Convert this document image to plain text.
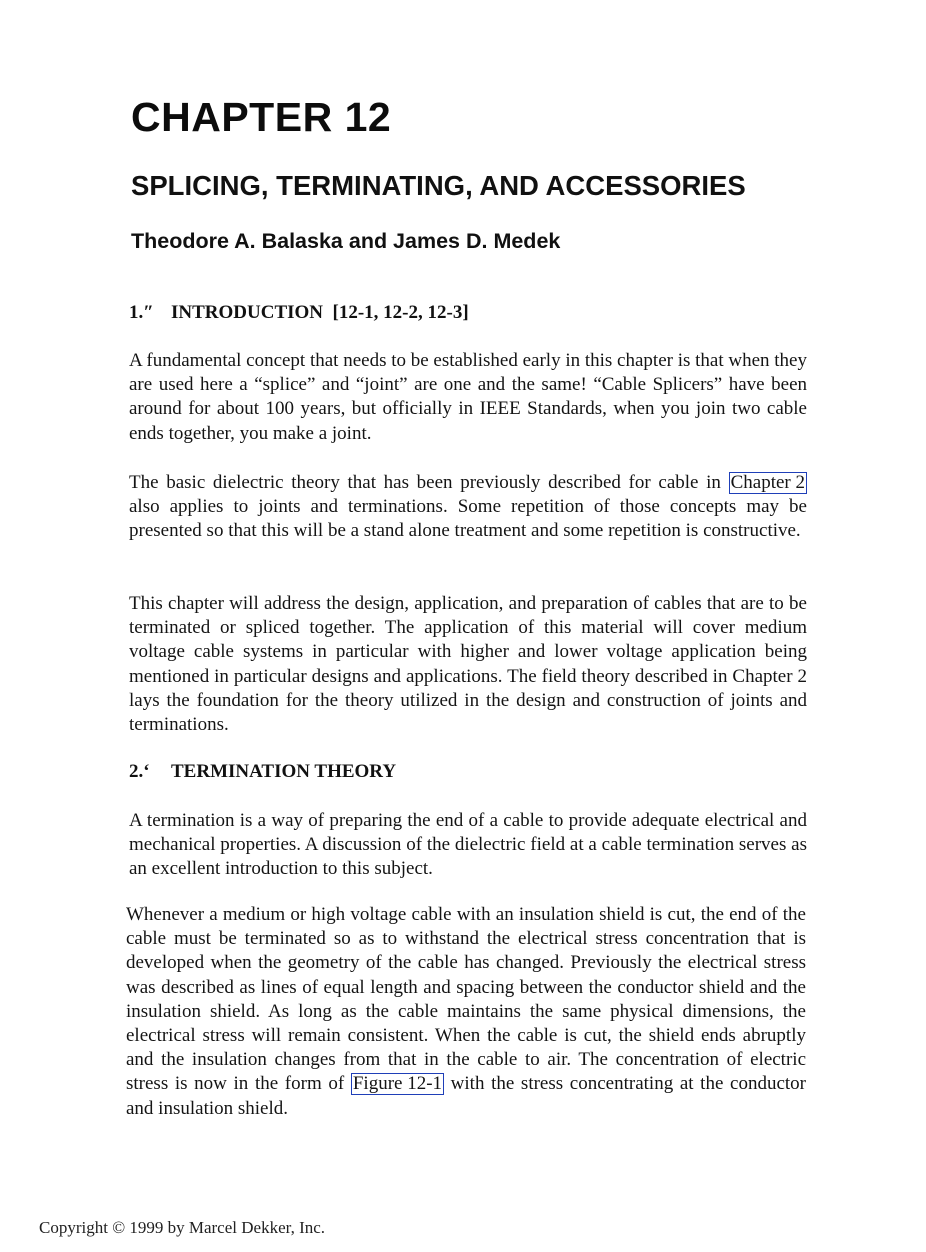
CHAPTER 12
SPLICING, TERMINATING, AND ACCESSORIES
Theodore A. Balaska and James D. Medek
1.″ INTRODUCTION [12-1, 12-2, 12-3]

A fundamental concept that needs to be established early in this chapter is that when they are used here a “splice” and “joint” are one and the same! “Cable Splicers” have been around for about 100 years, but officially in IEEE Standards, when you join two cable ends together, you make a joint.

The basic dielectric theory that has been previously described for cable in Chapter 2 also applies to joints and terminations. Some repetition of those concepts may be presented so that this will be a stand alone treatment and some repetition is constructive.

This chapter will address the design, application, and preparation of cables that are to be terminated or spliced together. The application of this material will cover medium voltage cable systems in particular with higher and lower voltage application being mentioned in particular designs and applications. The field theory described in Chapter 2 lays the foundation for the theory utilized in the design and construction of joints and terminations.

2.ʻ TERMINATION THEORY

A termination is a way of preparing the end of a cable to provide adequate electrical and mechanical properties. A discussion of the dielectric field at a cable termination serves as an excellent introduction to this subject.

Whenever a medium or high voltage cable with an insulation shield is cut, the end of the cable must be terminated so as to withstand the electrical stress concentration that is developed when the geometry of the cable has changed. Previously the electrical stress was described as lines of equal length and spacing between the conductor shield and the insulation shield. As long as the cable maintains the same physical dimensions, the electrical stress will remain consistent. When the cable is cut, the shield ends abruptly and the insulation changes from that in the cable to air. The concentration of electric stress is now in the form of Figure 12-1 with the stress concentrating at the conductor and insulation shield.

Copyright © 1999 by Marcel Dekker, Inc.
